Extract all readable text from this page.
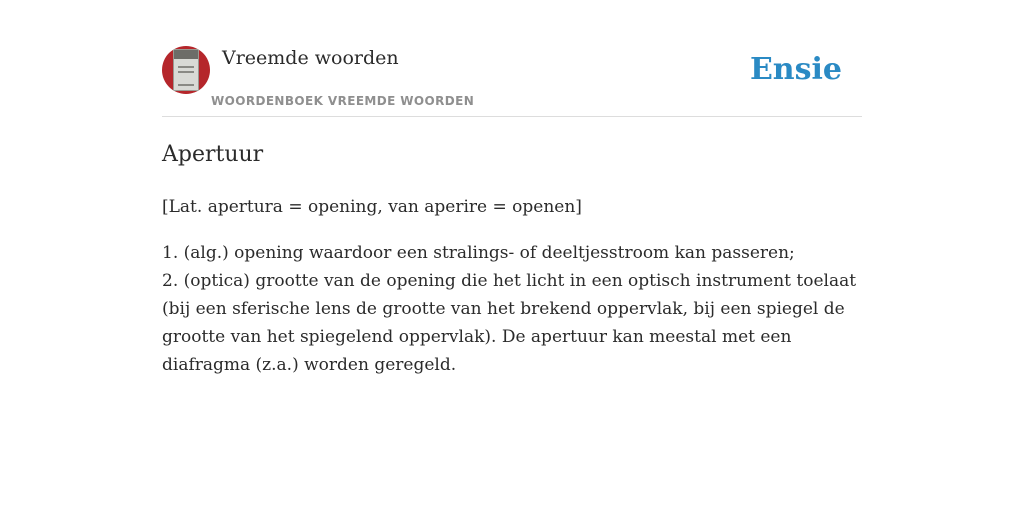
Vreemde woorden
WOORDENBOEK VREEMDE WOORDEN
Ensie
Apertuur
[Lat. apertura = opening, van aperire = openen]
1. (alg.) opening waardoor een stralings- of deeltjesstroom kan passeren;
2. (optica) grootte van de opening die het licht in een optisch instrument toelaat
(bij een sferische lens de grootte van het brekend oppervlak, bij een spiegel de
grootte van het spiegelend oppervlak). De apertuur kan meestal met een
diafragma (z.a.) worden geregeld.
